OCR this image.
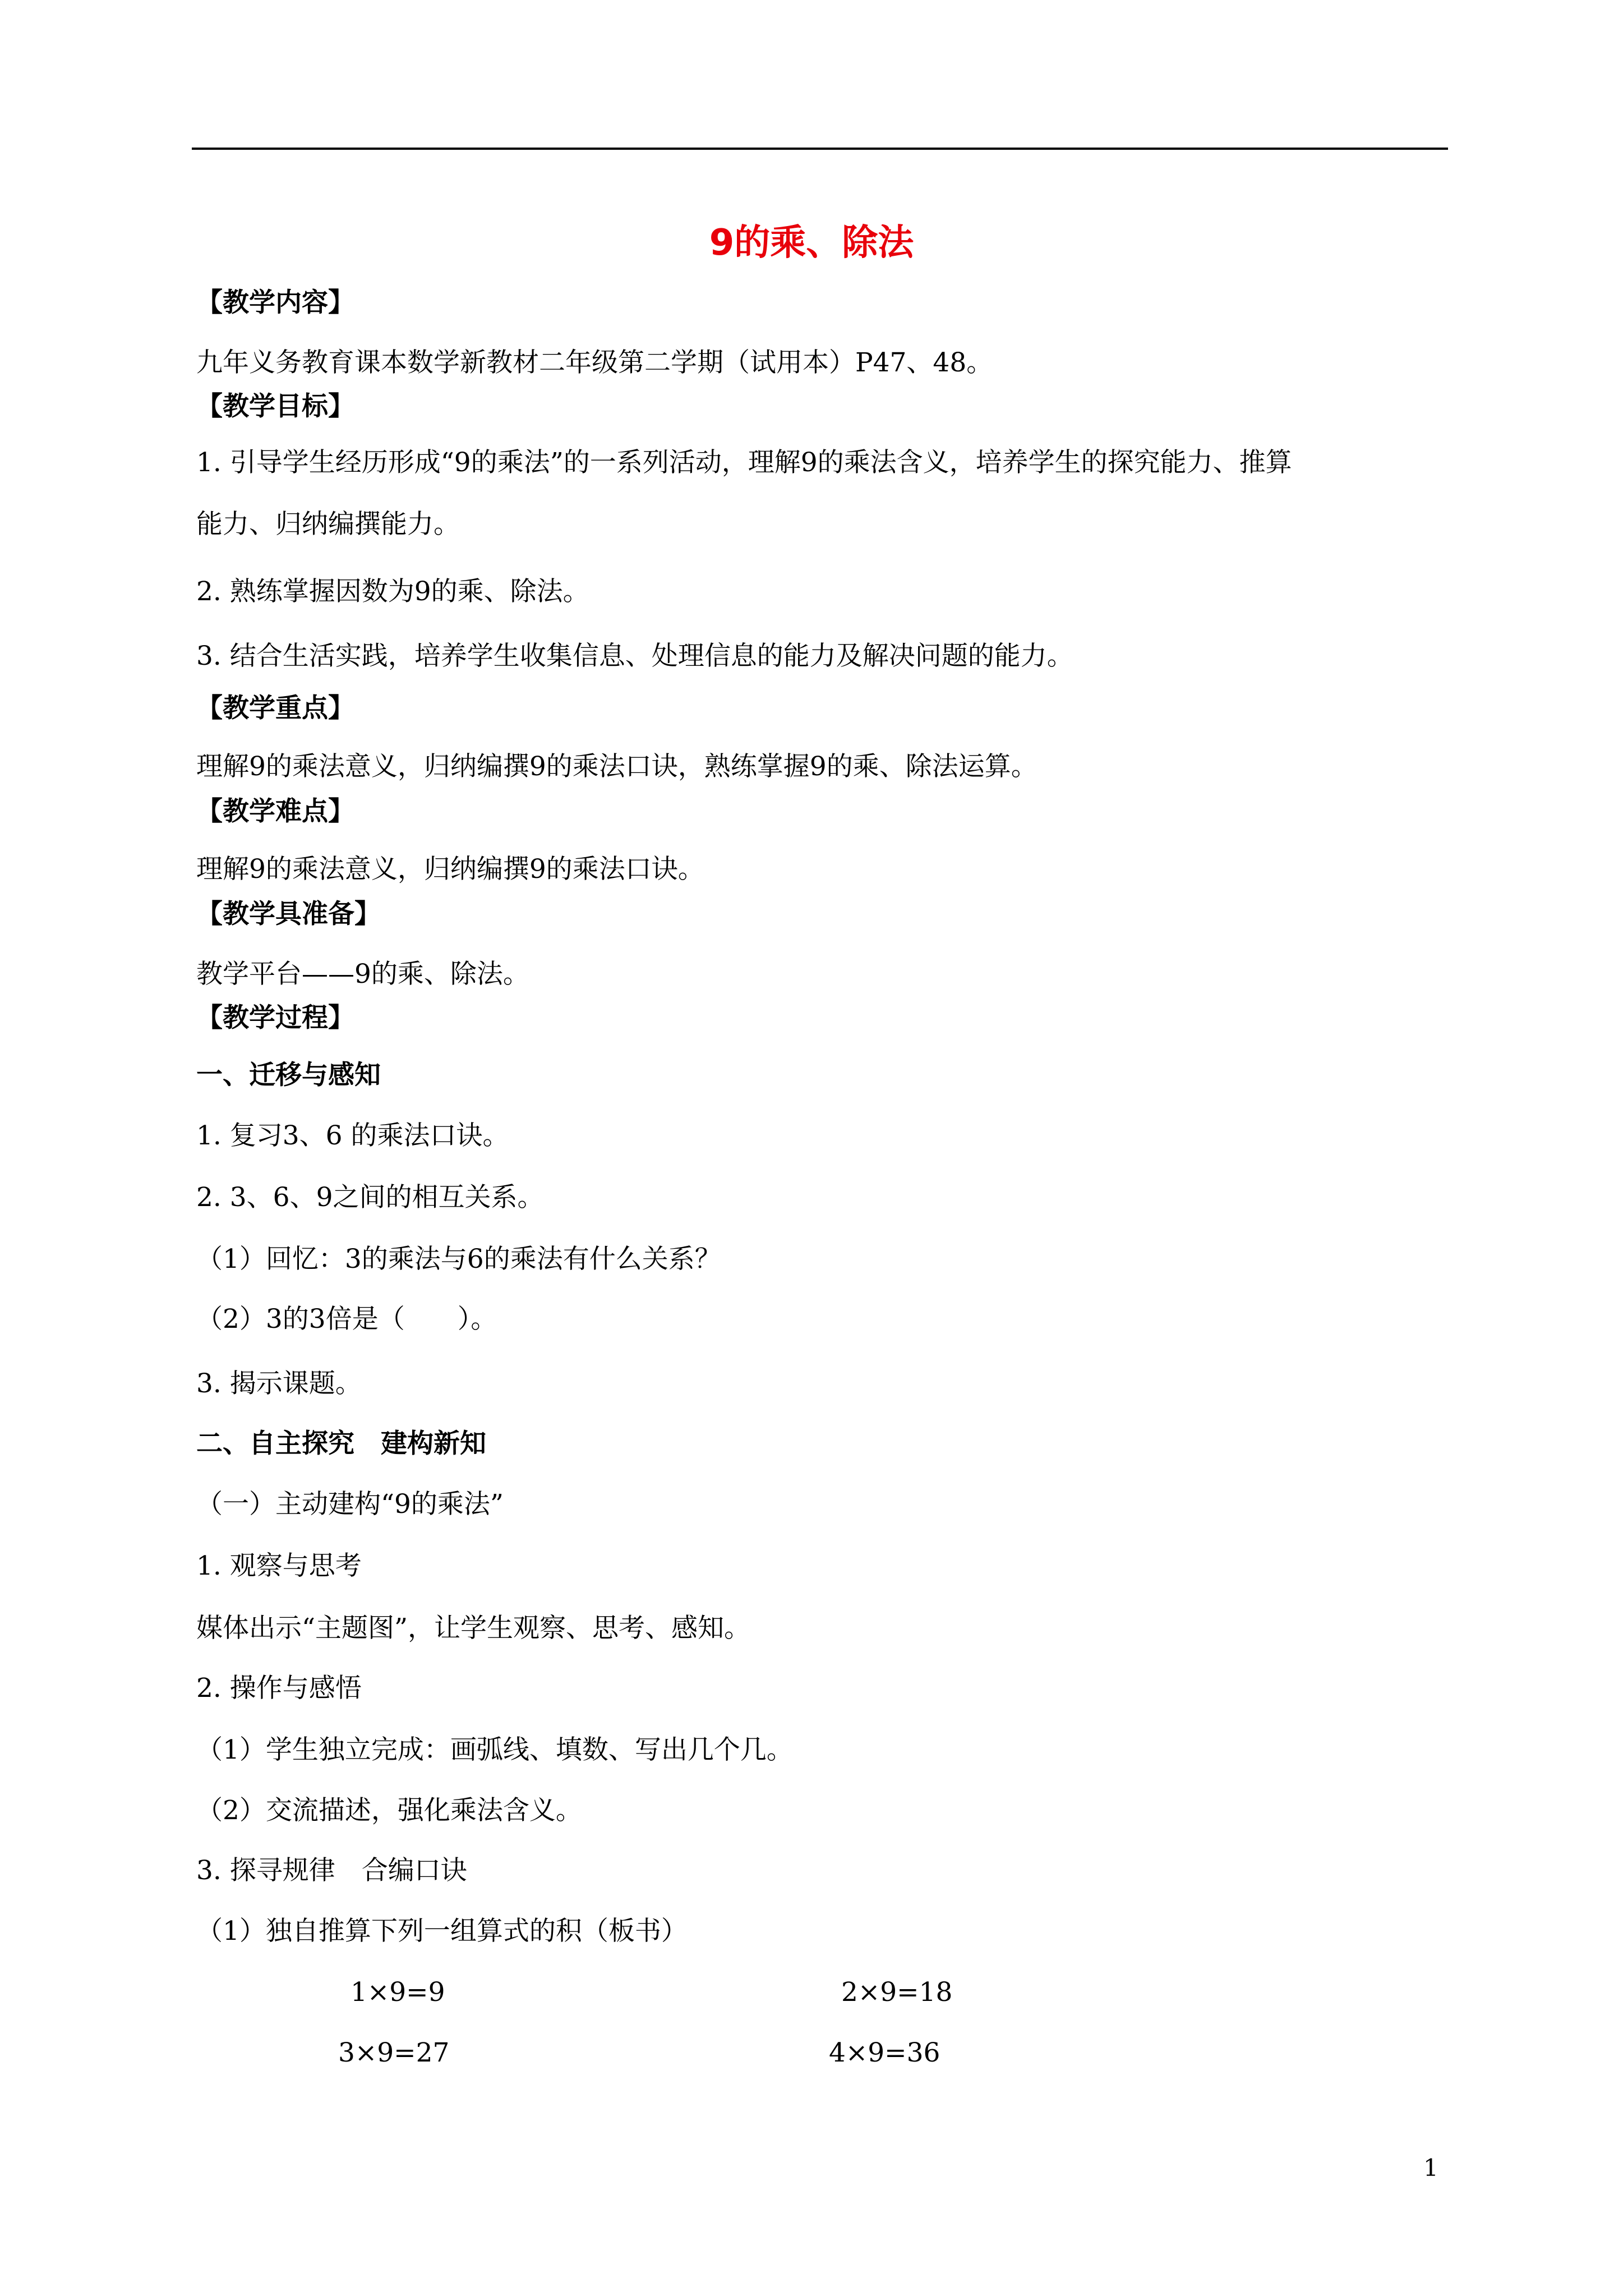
9的乘、除法
【教学内容】
九年义务教育课本数学新教材二年级第二学期（试用本）P47、48。
【教学目标】
1. 引导学生经历形成“9的乘法”的一系列活动，理解9的乘法含义，培养学生的探究能力、推算
能力、归纳编撰能力。
2. 熟练掌握因数为9的乘、除法。
3. 结合生活实践，培养学生收集信息、处理信息的能力及解决问题的能力。
【教学重点】
理解9的乘法意义，归纳编撰9的乘法口诀，熟练掌握9的乘、除法运算。
【教学难点】
理解9的乘法意义，归纳编撰9的乘法口诀。
【教学具准备】
教学平台——9的乘、除法。
【教学过程】
一、迁移与感知
1. 复习3、6 的乘法口诀。
2. 3、6、9之间的相互关系。
（1）回忆：3的乘法与6的乘法有什么关系？
（2）3的3倍是（　　）。
3. 揭示课题。
二、自主探究　建构新知
（一）主动建构“9的乘法”
1. 观察与思考
媒体出示“主题图”，让学生观察、思考、感知。
2. 操作与感悟
（1）学生独立完成：画弧线、填数、写出几个几。
（2）交流描述，强化乘法含义。
3. 探寻规律　合编口诀
（1）独自推算下列一组算式的积（板书）
1×9=9	2×9=18
3×9=27	4×9=36
1
